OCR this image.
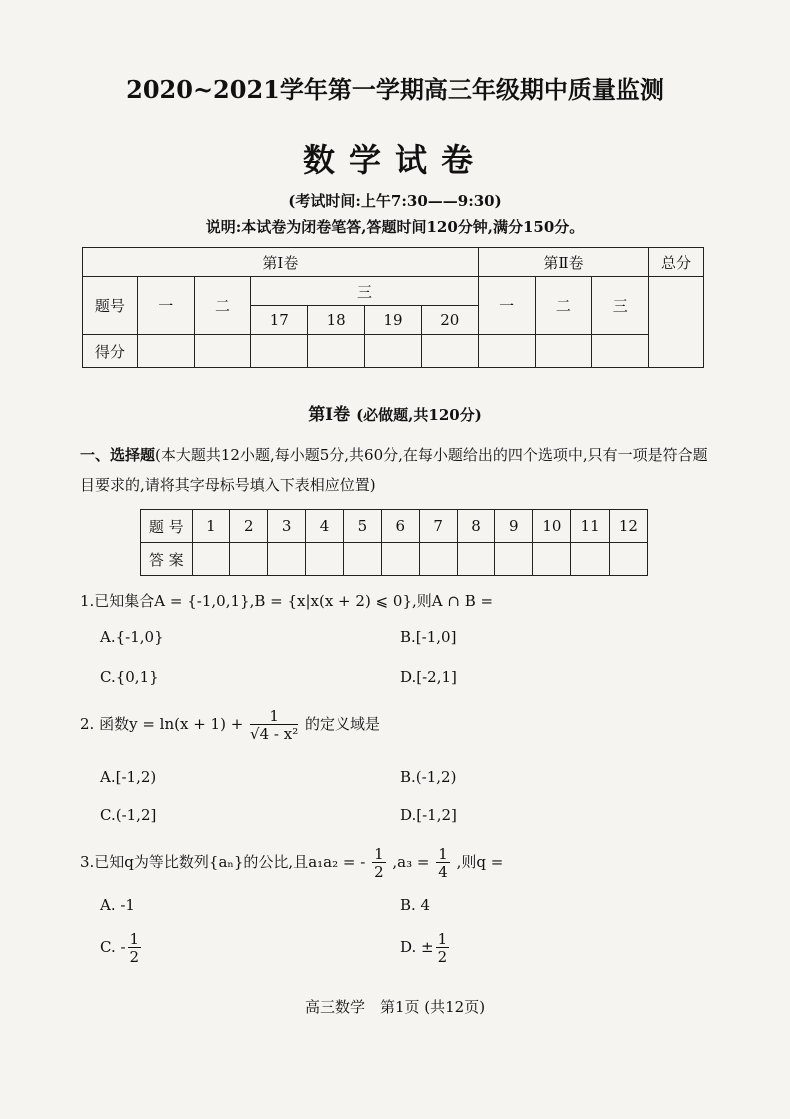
2020~2021学年第一学期高三年级期中质量监测
数学试卷
(考试时间:上午7:30——9:30)
说明:本试卷为闭卷笔答,答题时间120分钟,满分150分。
第Ⅰ卷							第Ⅱ卷			总分
题号	一	二	三				一	二	三	
			17	18	19	20				
得分										
第Ⅰ卷 (必做题,共120分)
一、选择题(本大题共12小题,每小题5分,共60分,在每小题给出的四个选项中,只有一项是符合题目要求的,请将其字母标号填入下表相应位置)
题 号	1	2	3	4	5	6	7	8	9	10	11	12
答 案												
1.已知集合A = {-1,0,1},B = {x|x(x + 2) ⩽ 0},则A ∩ B =
A.{-1,0}	B.[-1,0]
C.{0,1}	D.[-2,1]
2. 函数$y = \ln(x + 1) + \frac{1}{\text{√4 - x²}}$ 的定义域是
A.[-1,2)	B.(-1,2)
C.(-1,2]	D.[-1,2]
3.已知q为等比数列{aₙ}的公比,且a₁a₂ = - $\frac{1}{2} ,a_3 = \frac{1}{4}$ ,则q =
A. -1	B. 4
C. - $\frac{1}{2}$	D. ± $\frac{1}{2}$
高三数学　第1页 (共12页)
